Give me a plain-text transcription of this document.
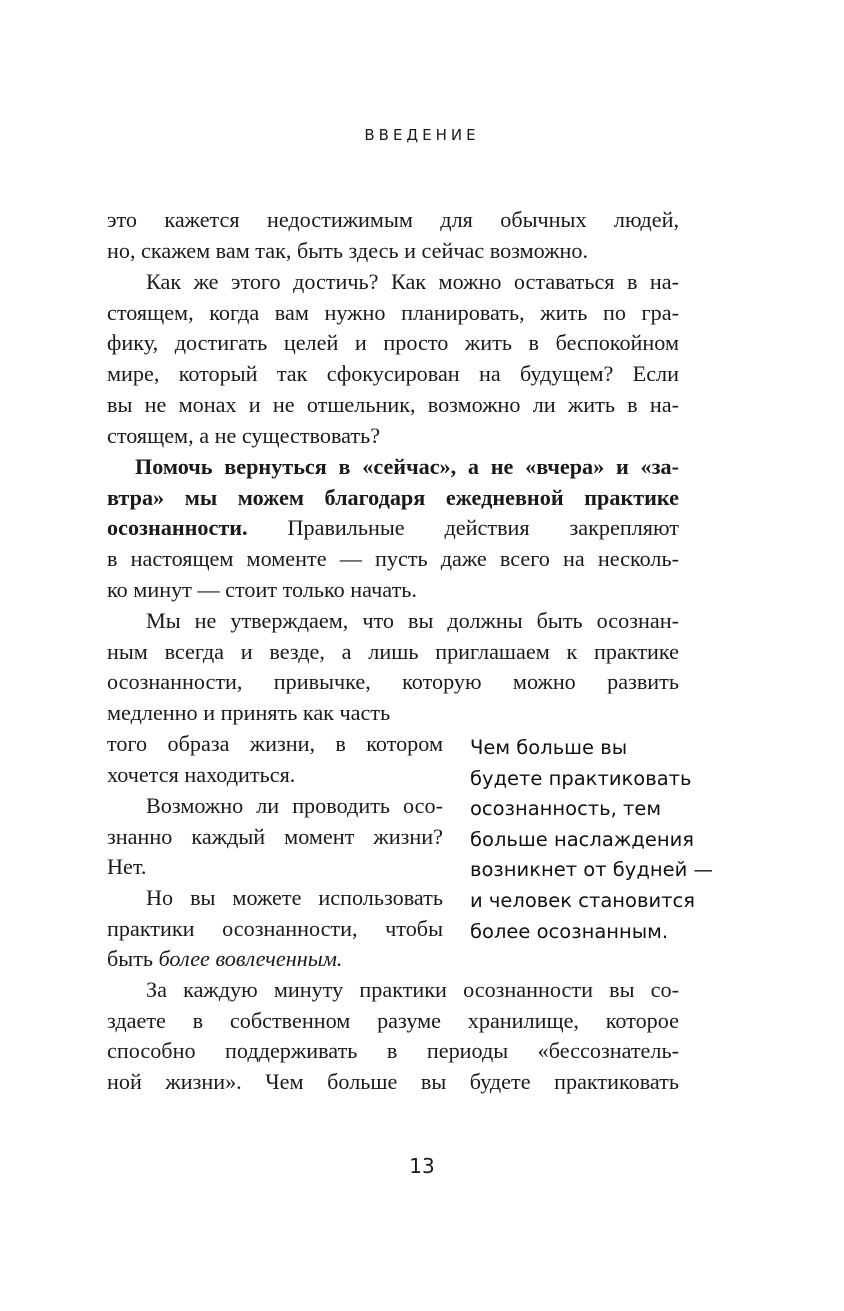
ВВЕДЕНИЕ
это кажется недостижимым для обычных людей,
но, скажем вам так, быть здесь и сейчас возможно.
Как же этого достичь? Как можно оставаться в на-
стоящем, когда вам нужно планировать, жить по гра-
фику, достигать целей и просто жить в беспокойном
мире, который так сфокусирован на будущем? Если
вы не монах и не отшельник, возможно ли жить в на-
стоящем, а не существовать?
Помочь вернуться в «сейчас», а не «вчера» и «за-
втра» мы можем благодаря ежедневной практике
осознанности. Правильные действия закрепляют
в настоящем моменте — пусть даже всего на несколь-
ко минут — стоит только начать.
Мы не утверждаем, что вы должны быть осознан-
ным всегда и везде, а лишь приглашаем к практике
осознанности, привычке, которую можно развить
медленно и принять как часть
того образа жизни, в котором
хочется находиться.
Возможно ли проводить осо-
знанно каждый момент жизни?
Нет.
Но вы можете использовать
практики осознанности, чтобы
быть более вовлеченным.
За каждую минуту практики осознанности вы со-
здаете в собственном разуме хранилище, которое
способно поддерживать в периоды «бессознатель-
ной жизни». Чем больше вы будете практиковать
Чем больше вы
будете практиковать
осознанность, тем
больше наслаждения
возникнет от будней —
и человек становится
более осознанным.
13
